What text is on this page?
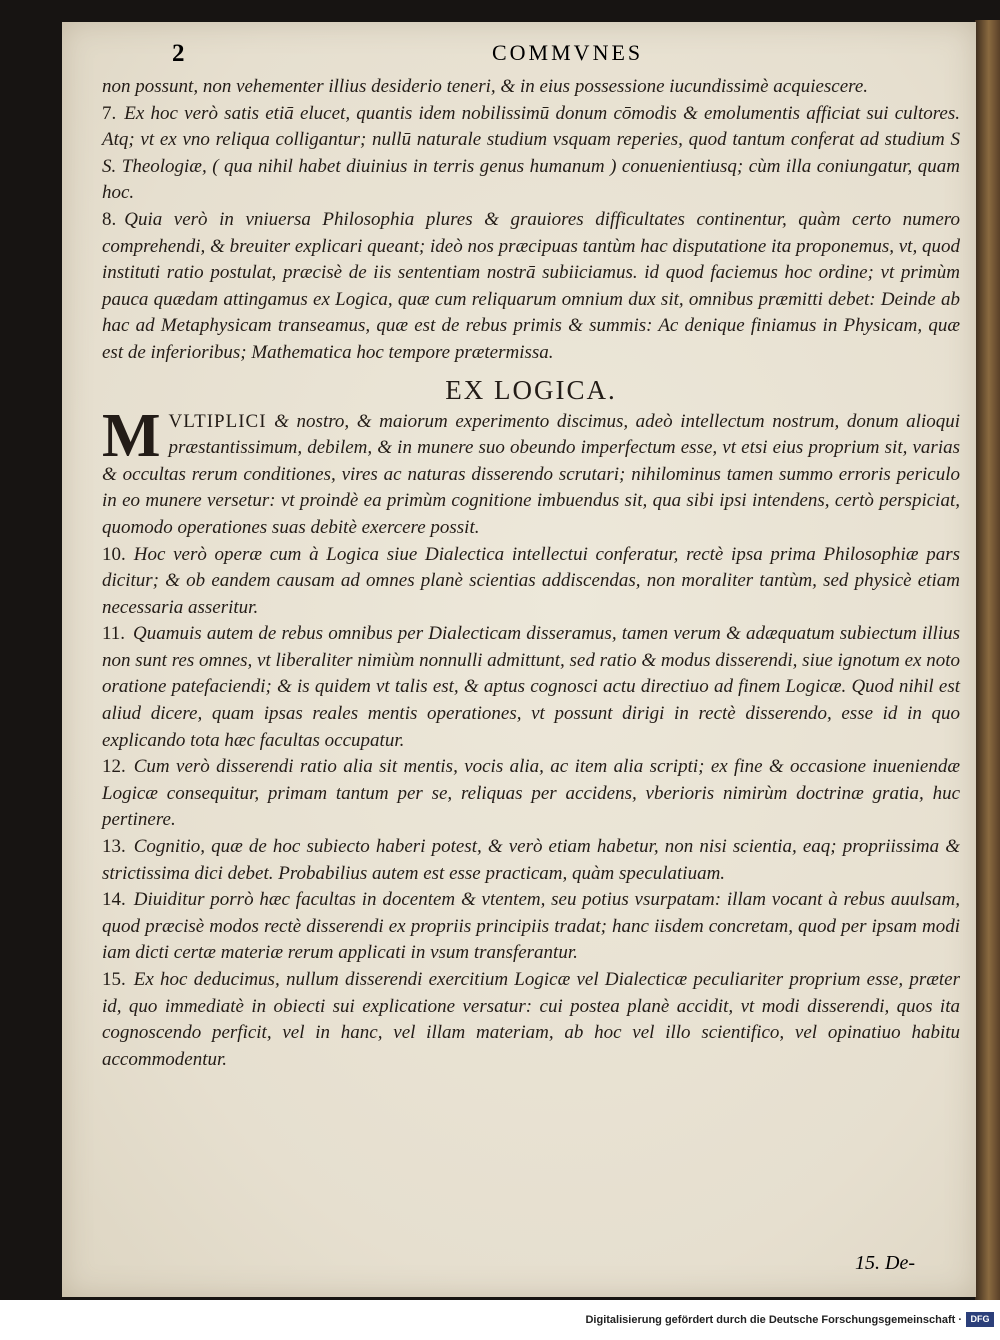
2	COMMVNES

non possunt, non vehementer illius desiderio teneri, & in eius possessione iucundissimè acquiescere.

7. Ex hoc verò satis etiā elucet, quantis idem nobilissimū donum cōmodis & emolumentis afficiat sui cultores. Atq; vt ex vno reliqua colligantur; nullū naturale studium vsquam reperies, quod tantum conferat ad studium S S. Theologiæ, ( qua nihil habet diuinius in terris genus humanum ) conuenientiusq; cùm illa coniungatur, quam hoc.

8. Quia verò in vniuersa Philosophia plures & grauiores difficultates continentur, quàm certo numero comprehendi, & breuiter explicari queant; ideò nos præcipuas tantùm hac disputatione ita proponemus, vt, quod instituti ratio postulat, præcisè de iis sententiam nostrā subiiciamus. id quod faciemus hoc ordine; vt primùm pauca quædam attingamus ex Logica, quæ cum reliquarum omnium dux sit, omnibus præmitti debet: Deinde ab hac ad Metaphysicam transeamus, quæ est de rebus primis & summis: Ac denique finiamus in Physicam, quæ est de inferioribus; Mathematica hoc tempore prætermissa.

EX LOGICA.

MVLTIPLICI & nostro, & maiorum experimento discimus, adeò intellectum nostrum, donum alioqui præstantissimum, debilem, & in munere suo obeundo imperfectum esse, vt etsi eius proprium sit, varias & occultas rerum conditiones, vires ac naturas disserendo scrutari; nihilominus tamen summo erroris periculo in eo munere versetur: vt proindè ea primùm cognitione imbuendus sit, qua sibi ipsi intendens, certò perspiciat, quomodo operationes suas debitè exercere possit.

10. Hoc verò operæ cum à Logica siue Dialectica intellectui conferatur, rectè ipsa prima Philosophiæ pars dicitur; & ob eandem causam ad omnes planè scientias addiscendas, non moraliter tantùm, sed physicè etiam necessaria asseritur.

11. Quamuis autem de rebus omnibus per Dialecticam disseramus, tamen verum & adæquatum subiectum illius non sunt res omnes, vt liberaliter nimiùm nonnulli admittunt, sed ratio & modus disserendi, siue ignotum ex noto oratione patefaciendi; & is quidem vt talis est, & aptus cognosci actu directiuo ad finem Logicæ. Quod nihil est aliud dicere, quam ipsas reales mentis operationes, vt possunt dirigi in rectè disserendo, esse id in quo explicando tota hæc facultas occupatur.

12. Cum verò disserendi ratio alia sit mentis, vocis alia, ac item alia scripti; ex fine & occasione inueniendæ Logicæ consequitur, primam tantum per se, reliquas per accidens, vberioris nimirùm doctrinæ gratia, huc pertinere.

13. Cognitio, quæ de hoc subiecto haberi potest, & verò etiam habetur, non nisi scientia, eaq; propriissima & strictissima dici debet. Probabilius autem est esse practicam, quàm speculatiuam.

14. Diuiditur porrò hæc facultas in docentem & vtentem, seu potius vsurpatam: illam vocant à rebus auulsam, quod præcisè modos rectè disserendi ex propriis principiis tradat; hanc iisdem concretam, quod per ipsam modi iam dicti certæ materiæ rerum applicati in vsum transferantur.

15. Ex hoc deducimus, nullum disserendi exercitium Logicæ vel Dialecticæ peculiariter proprium esse, præter id, quo immediatè in obiecti sui explicatione versatur: cui postea planè accidit, vt modi disserendi, quos ita cognoscendo perficit, vel in hanc, vel illam materiam, ab hoc vel illo scientifico, vel opinatiuo habitu accommodentur.

15. De-
Digitalisierung gefördert durch die Deutsche Forschungsgemeinschaft · DFG
